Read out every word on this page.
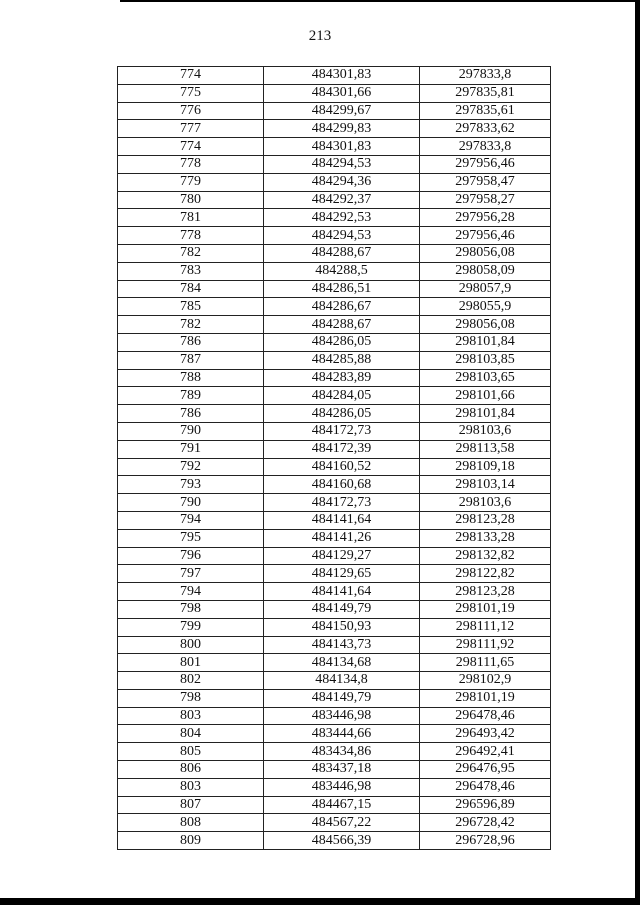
213
774	484301,83	297833,8
775	484301,66	297835,81
776	484299,67	297835,61
777	484299,83	297833,62
774	484301,83	297833,8
778	484294,53	297956,46
779	484294,36	297958,47
780	484292,37	297958,27
781	484292,53	297956,28
778	484294,53	297956,46
782	484288,67	298056,08
783	484288,5	298058,09
784	484286,51	298057,9
785	484286,67	298055,9
782	484288,67	298056,08
786	484286,05	298101,84
787	484285,88	298103,85
788	484283,89	298103,65
789	484284,05	298101,66
786	484286,05	298101,84
790	484172,73	298103,6
791	484172,39	298113,58
792	484160,52	298109,18
793	484160,68	298103,14
790	484172,73	298103,6
794	484141,64	298123,28
795	484141,26	298133,28
796	484129,27	298132,82
797	484129,65	298122,82
794	484141,64	298123,28
798	484149,79	298101,19
799	484150,93	298111,12
800	484143,73	298111,92
801	484134,68	298111,65
802	484134,8	298102,9
798	484149,79	298101,19
803	483446,98	296478,46
804	483444,66	296493,42
805	483434,86	296492,41
806	483437,18	296476,95
803	483446,98	296478,46
807	484467,15	296596,89
808	484567,22	296728,42
809	484566,39	296728,96
